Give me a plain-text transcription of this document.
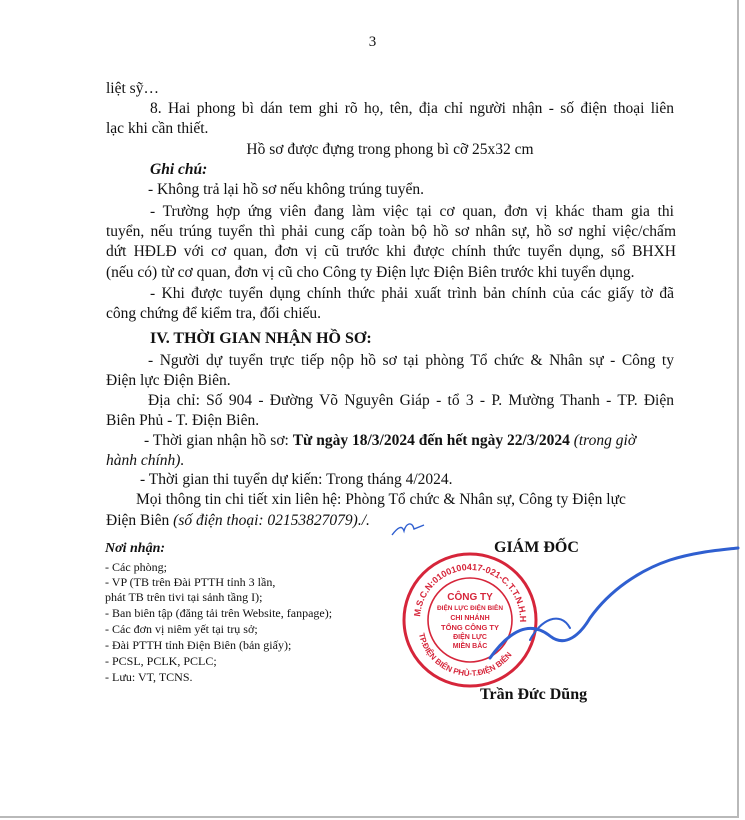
3
liệt sỹ…
8. Hai phong bì dán tem ghi rõ họ, tên, địa chỉ người nhận - số điện thoại liên
lạc khi cần thiết.
Hồ sơ được đựng trong phong bì cỡ 25x32 cm
Ghi chú:
- Không trả lại hồ sơ nếu không trúng tuyển.
- Trường hợp ứng viên đang làm việc tại cơ quan, đơn vị khác tham gia thi
tuyển, nếu trúng tuyển thì phải cung cấp toàn bộ hồ sơ nhân sự, hồ sơ nghỉ việc/chấm
dứt HĐLĐ với cơ quan, đơn vị cũ trước khi được chính thức tuyển dụng, sổ BHXH
(nếu có) từ cơ quan, đơn vị cũ cho Công ty Điện lực Điện Biên trước khi tuyển dụng.
- Khi được tuyển dụng chính thức phải xuất trình bản chính của các giấy tờ đã
công chứng để kiểm tra, đối chiếu.
IV. THỜI GIAN NHẬN HỒ SƠ:
- Người dự tuyển trực tiếp nộp hồ sơ tại phòng Tổ chức & Nhân sự - Công ty
Điện lực Điện Biên.
Địa chỉ: Số 904 - Đường Võ Nguyên Giáp - tổ 3 - P. Mường Thanh - TP. Điện
Biên Phủ - T. Điện Biên.
- Thời gian nhận hồ sơ: Từ ngày 18/3/2024 đến hết ngày 22/3/2024 (trong giờ
hành chính).
- Thời gian thi tuyển dự kiến: Trong tháng 4/2024.
Mọi thông tin chi tiết xin liên hệ: Phòng Tổ chức & Nhân sự, Công ty Điện lực
Điện Biên (số điện thoại: 02153827079)./.
Nơi nhận:
- Các phòng;
- VP (TB trên Đài PTTH tỉnh 3 lần,
phát TB trên tivi tại sảnh tầng I);
- Ban biên tập (đăng tải trên Website, fanpage);
- Các đơn vị niêm yết tại trụ sở;
- Đài PTTH tỉnh Điện Biên (bản giấy);
- PCSL, PCLK, PCLC;
- Lưu: VT, TCNS.
GIÁM ĐỐC
M.S.C.N:0100100417-021-C.T.T.N.H.H
TP.ĐIỆN BIÊN PHỦ-T.ĐIỆN BIÊN
CÔNG TY
ĐIỆN LỰC ĐIỆN BIÊN
CHI NHÁNH
TỔNG CÔNG TY
ĐIỆN LỰC
MIỀN BẮC
Trần Đức Dũng
